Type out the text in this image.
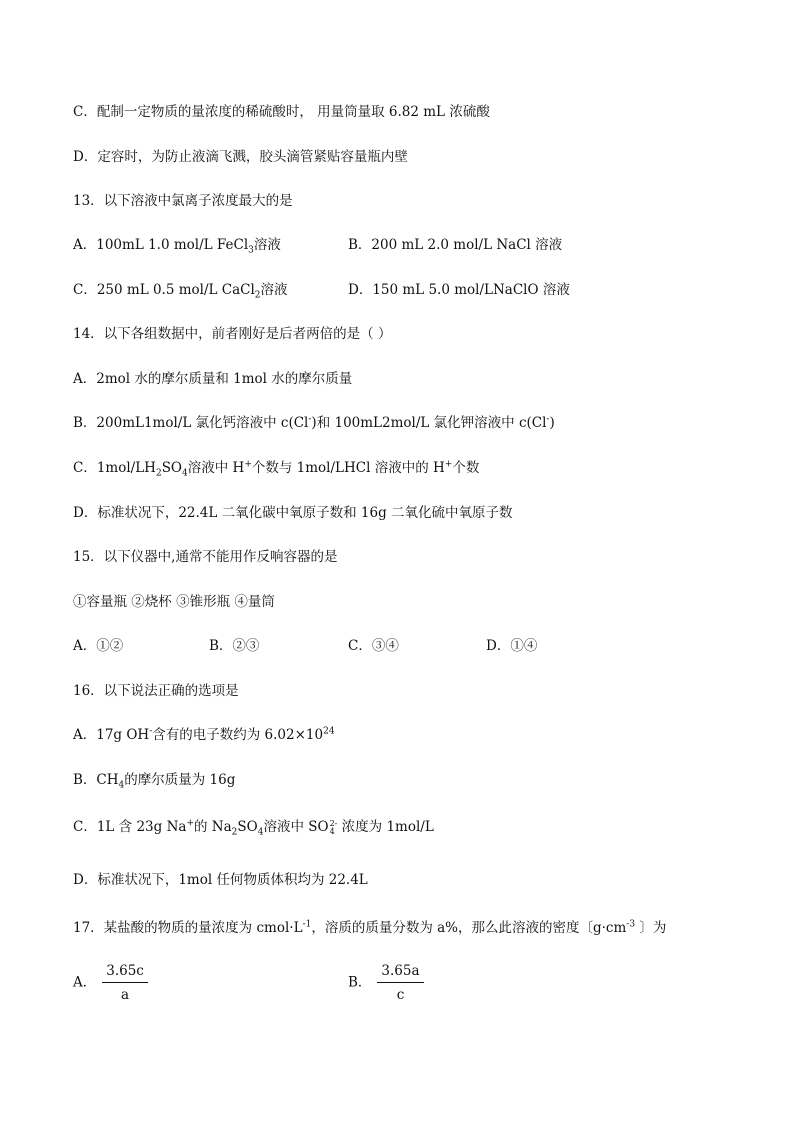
C．配制一定物质的量浓度的稀硫酸时， 用量筒量取 6.82 mL 浓硫酸
D．定容时，为防止液滴飞溅，胶头滴管紧贴容量瓶内壁
13．以下溶液中氯离子浓度最大的是
A．100mL 1.0 mol/L FeCl$_3$溶液	B．200 mL 2.0 mol/L NaCl 溶液
C．250 mL 0.5 mol/L CaCl$_2$溶液	D．150 mL 5.0 mol/LNaClO 溶液
14．以下各组数据中，前者刚好是后者两倍的是（ ）
A．2mol 水的摩尔质量和 1mol 水的摩尔质量
B．200mL1mol/L 氯化钙溶液中 c(Cl-)和 100mL2mol/L 氯化钾溶液中 c(Cl-)
C．$1mol/LH_2SO_4$溶液中 H+个数与 1mol/LHCl 溶液中的 H+个数
D．标准状况下，22.4L 二氧化碳中氧原子数和 16g 二氧化硫中氧原子数
15．以下仪器中,通常不能用作反响容器的是
①容量瓶 ②烧杯 ③锥形瓶 ④量筒
A．①②	B．②③	C．③④	D．①④
16．以下说法正确的选项是
A．17g OH-含有的电子数约为 $6.02\times 10^{24}$
B．$CH_4$的摩尔质量为 16g
C．1L 含 23g Na+的 $Na_2SO_4$溶液中 SO 2-
4 浓度为 1mol/L
D．标准状况下，1mol 任何物质体积均为 22.4L
17．某盐酸的物质的量浓度为 $cmol\cdot L^{-1}$，溶质的质量分数为 a%，那么此溶液的密度〔$g\cdot cm^{-3}$ 〕为
A． $\frac{3.65c}{a}$	B． $\frac{3.65a}{c}$
